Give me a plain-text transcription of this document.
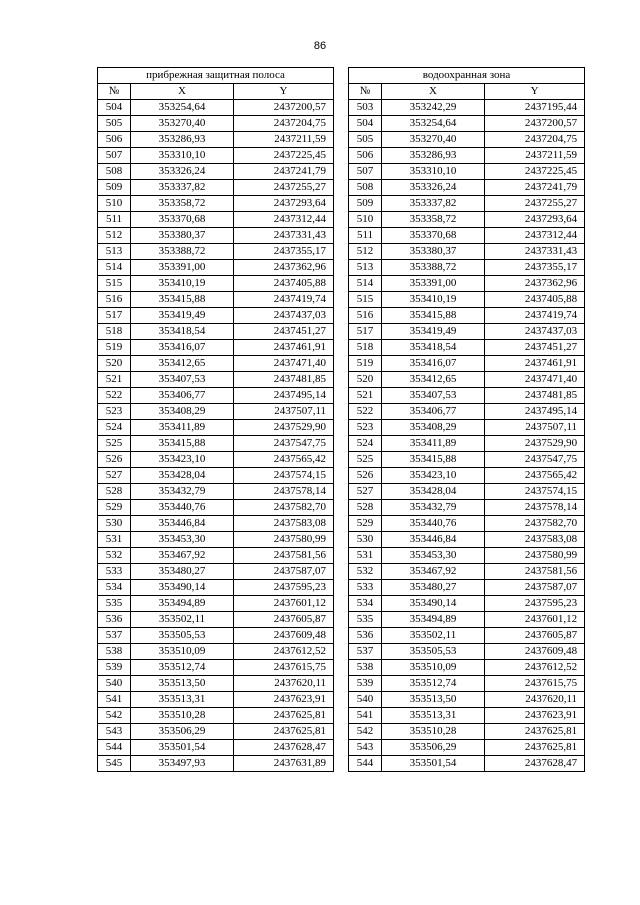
86
прибрежная защитная полоса				водоохранная зона		
№	X	Y		№	X	Y
504	353254,64	2437200,57		503	353242,29	2437195,44
505	353270,40	2437204,75		504	353254,64	2437200,57
506	353286,93	2437211,59		505	353270,40	2437204,75
507	353310,10	2437225,45		506	353286,93	2437211,59
508	353326,24	2437241,79		507	353310,10	2437225,45
509	353337,82	2437255,27		508	353326,24	2437241,79
510	353358,72	2437293,64		509	353337,82	2437255,27
511	353370,68	2437312,44		510	353358,72	2437293,64
512	353380,37	2437331,43		511	353370,68	2437312,44
513	353388,72	2437355,17		512	353380,37	2437331,43
514	353391,00	2437362,96		513	353388,72	2437355,17
515	353410,19	2437405,88		514	353391,00	2437362,96
516	353415,88	2437419,74		515	353410,19	2437405,88
517	353419,49	2437437,03		516	353415,88	2437419,74
518	353418,54	2437451,27		517	353419,49	2437437,03
519	353416,07	2437461,91		518	353418,54	2437451,27
520	353412,65	2437471,40		519	353416,07	2437461,91
521	353407,53	2437481,85		520	353412,65	2437471,40
522	353406,77	2437495,14		521	353407,53	2437481,85
523	353408,29	2437507,11		522	353406,77	2437495,14
524	353411,89	2437529,90		523	353408,29	2437507,11
525	353415,88	2437547,75		524	353411,89	2437529,90
526	353423,10	2437565,42		525	353415,88	2437547,75
527	353428,04	2437574,15		526	353423,10	2437565,42
528	353432,79	2437578,14		527	353428,04	2437574,15
529	353440,76	2437582,70		528	353432,79	2437578,14
530	353446,84	2437583,08		529	353440,76	2437582,70
531	353453,30	2437580,99		530	353446,84	2437583,08
532	353467,92	2437581,56		531	353453,30	2437580,99
533	353480,27	2437587,07		532	353467,92	2437581,56
534	353490,14	2437595,23		533	353480,27	2437587,07
535	353494,89	2437601,12		534	353490,14	2437595,23
536	353502,11	2437605,87		535	353494,89	2437601,12
537	353505,53	2437609,48		536	353502,11	2437605,87
538	353510,09	2437612,52		537	353505,53	2437609,48
539	353512,74	2437615,75		538	353510,09	2437612,52
540	353513,50	2437620,11		539	353512,74	2437615,75
541	353513,31	2437623,91		540	353513,50	2437620,11
542	353510,28	2437625,81		541	353513,31	2437623,91
543	353506,29	2437625,81		542	353510,28	2437625,81
544	353501,54	2437628,47		543	353506,29	2437625,81
545	353497,93	2437631,89		544	353501,54	2437628,47
